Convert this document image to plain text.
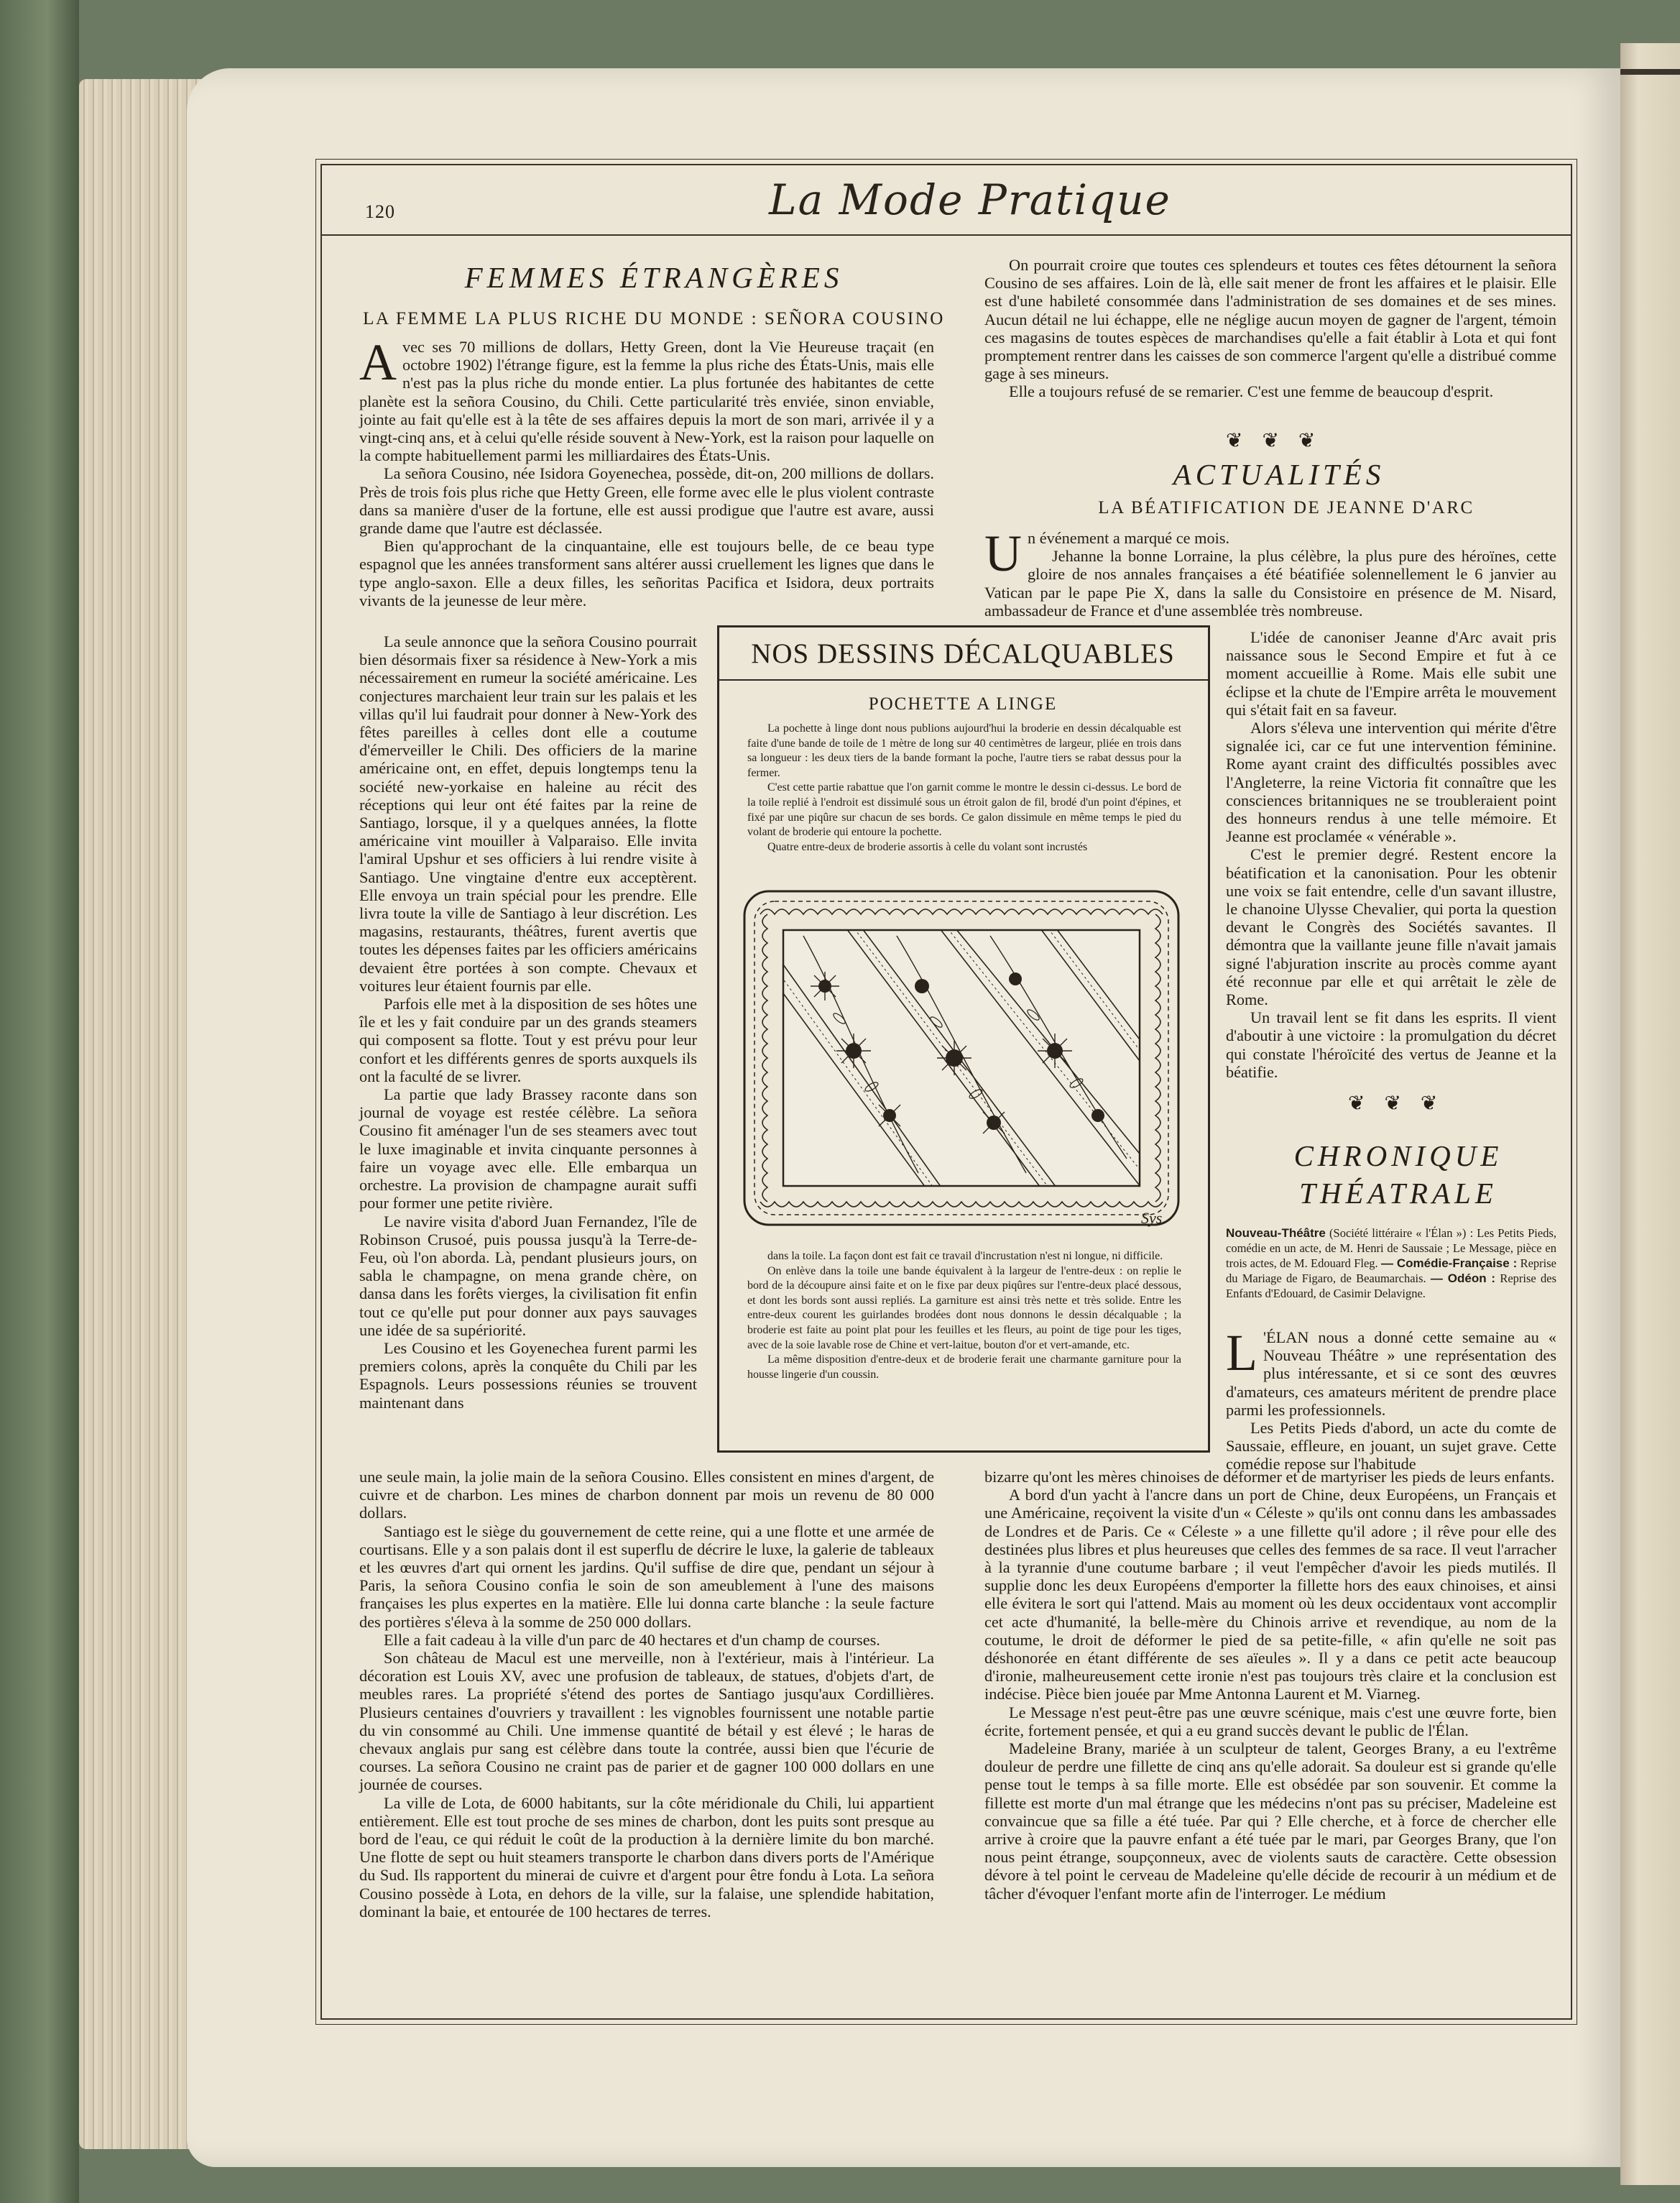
120	La Mode Pratique
FEMMES ÉTRANGÈRES
LA FEMME LA PLUS RICHE DU MONDE : SEÑORA COUSINO

Avec ses 70 millions de dollars, Hetty Green, dont la Vie Heureuse traçait (en octobre 1902) l'étrange figure, est la femme la plus riche des États-Unis, mais elle n'est pas la plus riche du monde entier. La plus fortunée des habitantes de cette planète est la señora Cousino, du Chili. Cette particularité très enviée, sinon enviable, jointe au fait qu'elle est à la tête de ses affaires depuis la mort de son mari, arrivée il y a vingt-cinq ans, et à celui qu'elle réside souvent à New-York, est la raison pour laquelle on la compte habituellement parmi les milliardaires des États-Unis.

La señora Cousino, née Isidora Goyenechea, possède, dit-on, 200 millions de dollars. Près de trois fois plus riche que Hetty Green, elle forme avec elle le plus violent contraste dans sa manière d'user de la fortune, elle est aussi prodigue que l'autre est avare, aussi grande dame que l'autre est déclassée.

Bien qu'approchant de la cinquantaine, elle est toujours belle, de ce beau type espagnol que les années transforment sans altérer aussi cruellement les lignes que dans le type anglo-saxon. Elle a deux filles, les señoritas Pacifica et Isidora, deux portraits vivants de la jeunesse de leur mère.

La seule annonce que la señora Cousino pourrait bien désormais fixer sa résidence à New-York a mis nécessairement en rumeur la société américaine. Les conjectures marchaient leur train sur les palais et les villas qu'il lui faudrait pour donner à New-York des fêtes pareilles à celles dont elle a coutume d'émerveiller le Chili. Des officiers de la marine américaine ont, en effet, depuis longtemps tenu la société new-yorkaise en haleine au récit des réceptions qui leur ont été faites par la reine de Santiago, lorsque, il y a quelques années, la flotte américaine vint mouiller à Valparaiso. Elle invita l'amiral Upshur et ses officiers à lui rendre visite à Santiago. Une vingtaine d'entre eux acceptèrent. Elle envoya un train spécial pour les prendre. Elle livra toute la ville de Santiago à leur discrétion. Les magasins, restaurants, théâtres, furent avertis que toutes les dépenses faites par les officiers américains devaient être portées à son compte. Chevaux et voitures leur étaient fournis par elle.

Parfois elle met à la disposition de ses hôtes une île et les y fait conduire par un des grands steamers qui composent sa flotte. Tout y est prévu pour leur confort et les différents genres de sports auxquels ils ont la faculté de se livrer.

La partie que lady Brassey raconte dans son journal de voyage est restée célèbre. La señora Cousino fit aménager l'un de ses steamers avec tout le luxe imaginable et invita cinquante personnes à faire un voyage avec elle. Elle embarqua un orchestre. La provision de champagne aurait suffi pour former une petite rivière.

Le navire visita d'abord Juan Fernandez, l'île de Robinson Crusoé, puis poussa jusqu'à la Terre-de-Feu, où l'on aborda. Là, pendant plusieurs jours, on sabla le champagne, on mena grande chère, on dansa dans les forêts vierges, la civilisation fit enfin tout ce qu'elle put pour donner aux pays sauvages une idée de sa supériorité.

Les Cousino et les Goyenechea furent parmi les premiers colons, après la conquête du Chili par les Espagnols. Leurs possessions réunies se trouvent maintenant dans

une seule main, la jolie main de la señora Cousino. Elles consistent en mines d'argent, de cuivre et de charbon. Les mines de charbon donnent par mois un revenu de 80 000 dollars.

Santiago est le siège du gouvernement de cette reine, qui a une flotte et une armée de courtisans. Elle y a son palais dont il est superflu de décrire le luxe, la galerie de tableaux et les œuvres d'art qui ornent les jardins. Qu'il suffise de dire que, pendant un séjour à Paris, la señora Cousino confia le soin de son ameublement à l'une des maisons françaises les plus expertes en la matière. Elle lui donna carte blanche : la seule facture des portières s'éleva à la somme de 250 000 dollars.

Elle a fait cadeau à la ville d'un parc de 40 hectares et d'un champ de courses.

Son château de Macul est une merveille, non à l'extérieur, mais à l'intérieur. La décoration est Louis XV, avec une profusion de tableaux, de statues, d'objets d'art, de meubles rares. La propriété s'étend des portes de Santiago jusqu'aux Cordillières. Plusieurs centaines d'ouvriers y travaillent : les vignobles fournissent une notable partie du vin consommé au Chili. Une immense quantité de bétail y est élevé ; le haras de chevaux anglais pur sang est célèbre dans toute la contrée, aussi bien que l'écurie de courses. La señora Cousino ne craint pas de parier et de gagner 100 000 dollars en une journée de courses.

La ville de Lota, de 6000 habitants, sur la côte méridionale du Chili, lui appartient entièrement. Elle est tout proche de ses mines de charbon, dont les puits sont presque au bord de l'eau, ce qui réduit le coût de la production à la dernière limite du bon marché. Une flotte de sept ou huit steamers transporte le charbon dans divers ports de l'Amérique du Sud. Ils rapportent du minerai de cuivre et d'argent pour être fondu à Lota. La señora Cousino possède à Lota, en dehors de la ville, sur la falaise, une splendide habitation, dominant la baie, et entourée de 100 hectares de terres.

On pourrait croire que toutes ces splendeurs et toutes ces fêtes détournent la señora Cousino de ses affaires. Loin de là, elle sait mener de front les affaires et le plaisir. Elle est d'une habileté consommée dans l'administration de ses domaines et de ses mines. Aucun détail ne lui échappe, elle ne néglige aucun moyen de gagner de l'argent, témoin ces magasins de toutes espèces de marchandises qu'elle a fait établir à Lota et qui font promptement rentrer dans les caisses de son commerce l'argent qu'elle a distribué comme gage à ses mineurs.

Elle a toujours refusé de se remarier. C'est une femme de beaucoup d'esprit.

❦ ❦ ❦
ACTUALITÉS
LA BÉATIFICATION DE JEANNE D'ARC

Un événement a marqué ce mois.

Jehanne la bonne Lorraine, la plus célèbre, la plus pure des héroïnes, cette gloire de nos annales françaises a été béatifiée solennellement le 6 janvier au Vatican par le pape Pie X, dans la salle du Consistoire en présence de M. Nisard, ambassadeur de France et d'une assemblée très nombreuse.

L'idée de canoniser Jeanne d'Arc avait pris naissance sous le Second Empire et fut à ce moment accueillie à Rome. Mais elle subit une éclipse et la chute de l'Empire arrêta le mouvement qui s'était fait en sa faveur.

Alors s'éleva une intervention qui mérite d'être signalée ici, car ce fut une intervention féminine. Rome ayant craint des difficultés possibles avec l'Angleterre, la reine Victoria fit connaître que les consciences britanniques ne se troubleraient point des honneurs rendus à une telle mémoire. Et Jeanne est proclamée « vénérable ».

C'est le premier degré. Restent encore la béatification et la canonisation. Pour les obtenir une voix se fait entendre, celle d'un savant illustre, le chanoine Ulysse Chevalier, qui porta la question devant le Congrès des Sociétés savantes. Il démontra que la vaillante jeune fille n'avait jamais signé l'abjuration inscrite au procès comme ayant été reconnue par elle et qui arrêtait le zèle de Rome.

Un travail lent se fit dans les esprits. Il vient d'aboutir à une victoire : la promulgation du décret qui constate l'héroïcité des vertus de Jeanne et la béatifie.

❦ ❦ ❦
CHRONIQUE
THÉATRALE
Nouveau-Théâtre (Société littéraire « l'Élan ») : Les Petits Pieds, comédie en un acte, de M. Henri de Saussaie ; Le Message, pièce en trois actes, de M. Edouard Fleg. — Comédie-Française : Reprise du Mariage de Figaro, de Beaumarchais. — Odéon : Reprise des Enfants d'Edouard, de Casimir Delavigne.

L 'ÉLAN nous a donné cette semaine au « Nouveau Théâtre » une représentation des plus intéressante, et si ce sont des œuvres d'amateurs, ces amateurs méritent de prendre place parmi les professionnels.

Les Petits Pieds d'abord, un acte du comte de Saussaie, effleure, en jouant, un sujet grave. Cette comédie repose sur l'habitude

bizarre qu'ont les mères chinoises de déformer et de martyriser les pieds de leurs enfants.

A bord d'un yacht à l'ancre dans un port de Chine, deux Européens, un Français et une Américaine, reçoivent la visite d'un « Céleste » qu'ils ont connu dans les ambassades de Londres et de Paris. Ce « Céleste » a une fillette qu'il adore ; il rêve pour elle des destinées plus libres et plus heureuses que celles des femmes de sa race. Il veut l'arracher à la tyrannie d'une coutume barbare ; il veut l'empêcher d'avoir les pieds mutilés. Il supplie donc les deux Européens d'emporter la fillette hors des eaux chinoises, et ainsi elle évitera le sort qui l'attend. Mais au moment où les deux occidentaux vont accomplir cet acte d'humanité, la belle-mère du Chinois arrive et revendique, au nom de la coutume, le droit de déformer le pied de sa petite-fille, « afin qu'elle ne soit pas déshonorée en étant différente de ses aïeules ». Il y a dans ce petit acte beaucoup d'ironie, malheureusement cette ironie n'est pas toujours très claire et la conclusion est indécise. Pièce bien jouée par Mme Antonna Laurent et M. Viarneg.

Le Message n'est peut-être pas une œuvre scénique, mais c'est une œuvre forte, bien écrite, fortement pensée, et qui a eu grand succès devant le public de l'Élan.

Madeleine Brany, mariée à un sculpteur de talent, Georges Brany, a eu l'extrême douleur de perdre une fillette de cinq ans qu'elle adorait. Sa douleur est si grande qu'elle pense tout le temps à sa fille morte. Elle est obsédée par son souvenir. Et comme la fillette est morte d'un mal étrange que les médecins n'ont pas su préciser, Madeleine est convaincue que sa fille a été tuée. Par qui ? Elle cherche, et à force de chercher elle arrive à croire que la pauvre enfant a été tuée par le mari, par Georges Brany, que l'on nous peint étrange, soupçonneux, avec de violents sauts de caractère. Cette obsession dévore à tel point le cerveau de Madeleine qu'elle décide de recourir à un médium et de tâcher d'évoquer l'enfant morte afin de l'interroger. Le médium

NOS DESSINS DÉCALQUABLES
POCHETTE A LINGE

La pochette à linge dont nous publions aujourd'hui la broderie en dessin décalquable est faite d'une bande de toile de 1 mètre de long sur 40 centimètres de largeur, pliée en trois dans sa longueur : les deux tiers de la bande formant la poche, l'autre tiers se rabat dessus pour la fermer.

C'est cette partie rabattue que l'on garnit comme le montre le dessin ci-dessus. Le bord de la toile replié à l'endroit est dissimulé sous un étroit galon de fil, brodé d'un point d'épines, et fixé par une piqûre sur chacun de ses bords. Ce galon dissimule en même temps le pied du volant de broderie qui entoure la pochette.

Quatre entre-deux de broderie assortis à celle du volant sont incrustés

Sys.

dans la toile. La façon dont est fait ce travail d'incrustation n'est ni longue, ni difficile.

On enlève dans la toile une bande équivalent à la largeur de l'entre-deux : on replie le bord de la découpure ainsi faite et on le fixe par deux piqûres sur l'entre-deux placé dessous, et dont les bords sont aussi repliés. La garniture est ainsi très nette et très solide. Entre les entre-deux courent les guirlandes brodées dont nous donnons le dessin décalquable ; la broderie est faite au point plat pour les feuilles et les fleurs, au point de tige pour les tiges, avec de la soie lavable rose de Chine et vert-laitue, bouton d'or et vert-amande, etc.

La même disposition d'entre-deux et de broderie ferait une charmante garniture pour la housse lingerie d'un coussin.
